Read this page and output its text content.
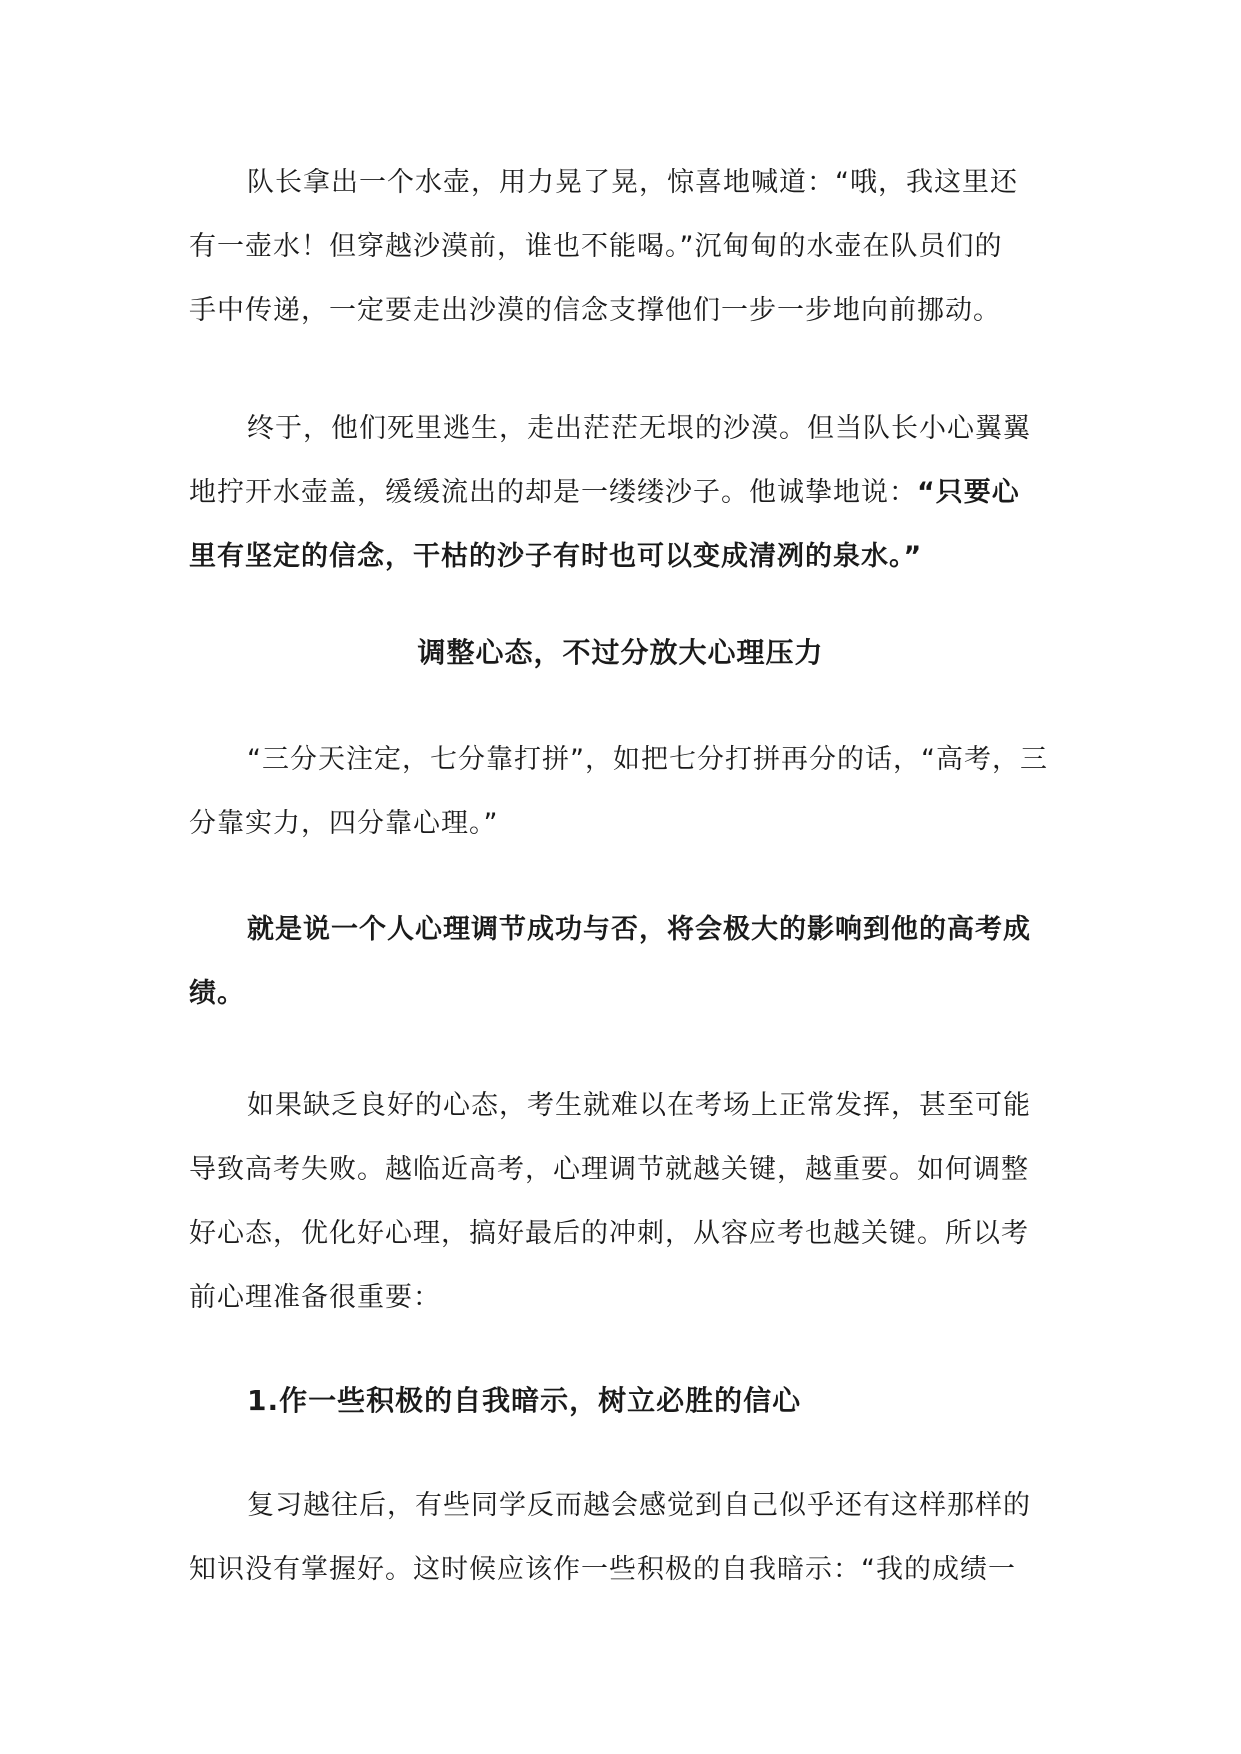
队长拿出一个水壶，用力晃了晃，惊喜地喊道：“哦，我这里还
有一壶水！但穿越沙漠前，谁也不能喝。”沉甸甸的水壶在队员们的
手中传递，一定要走出沙漠的信念支撑他们一步一步地向前挪动。
终于，他们死里逃生，走出茫茫无垠的沙漠。但当队长小心翼翼
地拧开水壶盖，缓缓流出的却是一缕缕沙子。他诚挚地说：“只要心
里有坚定的信念，干枯的沙子有时也可以变成清冽的泉水。”
调整心态，不过分放大心理压力
“三分天注定，七分靠打拼”，如把七分打拼再分的话，“高考，三
分靠实力，四分靠心理。”
就是说一个人心理调节成功与否，将会极大的影响到他的高考成
绩。
如果缺乏良好的心态，考生就难以在考场上正常发挥，甚至可能
导致高考失败。越临近高考，心理调节就越关键，越重要。如何调整
好心态，优化好心理，搞好最后的冲刺，从容应考也越关键。所以考
前心理准备很重要：
1.作一些积极的自我暗示，树立必胜的信心
复习越往后，有些同学反而越会感觉到自己似乎还有这样那样的
知识没有掌握好。这时候应该作一些积极的自我暗示：“我的成绩一
